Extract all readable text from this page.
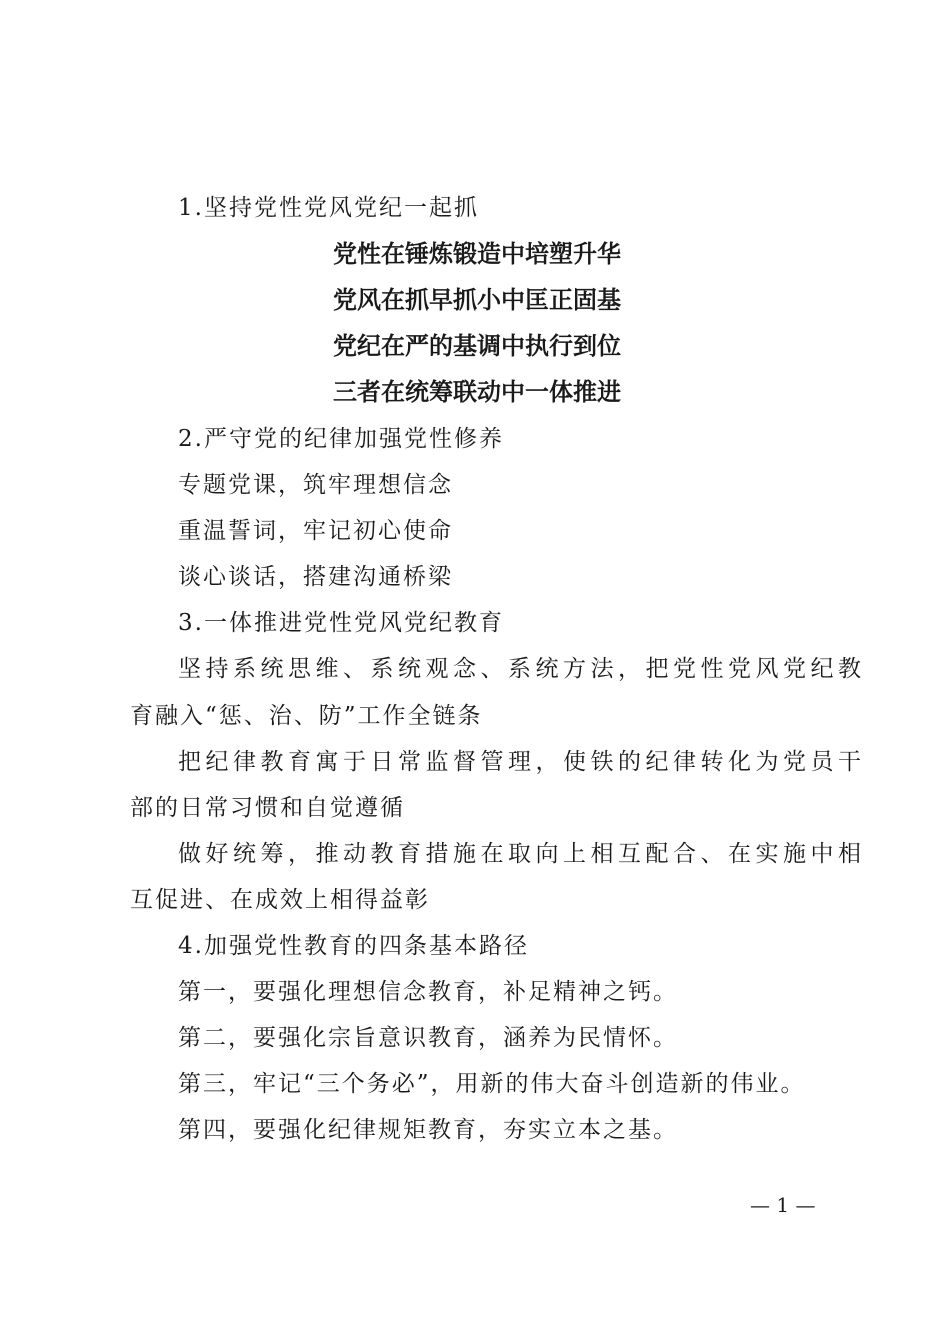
1.坚持党性党风党纪一起抓
党性在锤炼锻造中培塑升华
党风在抓早抓小中匡正固基
党纪在严的基调中执行到位
三者在统筹联动中一体推进
2.严守党的纪律加强党性修养
专题党课，筑牢理想信念
重温誓词，牢记初心使命
谈心谈话，搭建沟通桥梁
3.一体推进党性党风党纪教育
坚持系统思维、系统观念、系统方法，把党性党风党纪教
育融入“惩、治、防”工作全链条
把纪律教育寓于日常监督管理，使铁的纪律转化为党员干
部的日常习惯和自觉遵循
做好统筹，推动教育措施在取向上相互配合、在实施中相
互促进、在成效上相得益彰
4.加强党性教育的四条基本路径
第一，要强化理想信念教育，补足精神之钙。
第二，要强化宗旨意识教育，涵养为民情怀。
第三，牢记“三个务必”，用新的伟大奋斗创造新的伟业。
第四，要强化纪律规矩教育，夯实立本之基。
— 1 —
